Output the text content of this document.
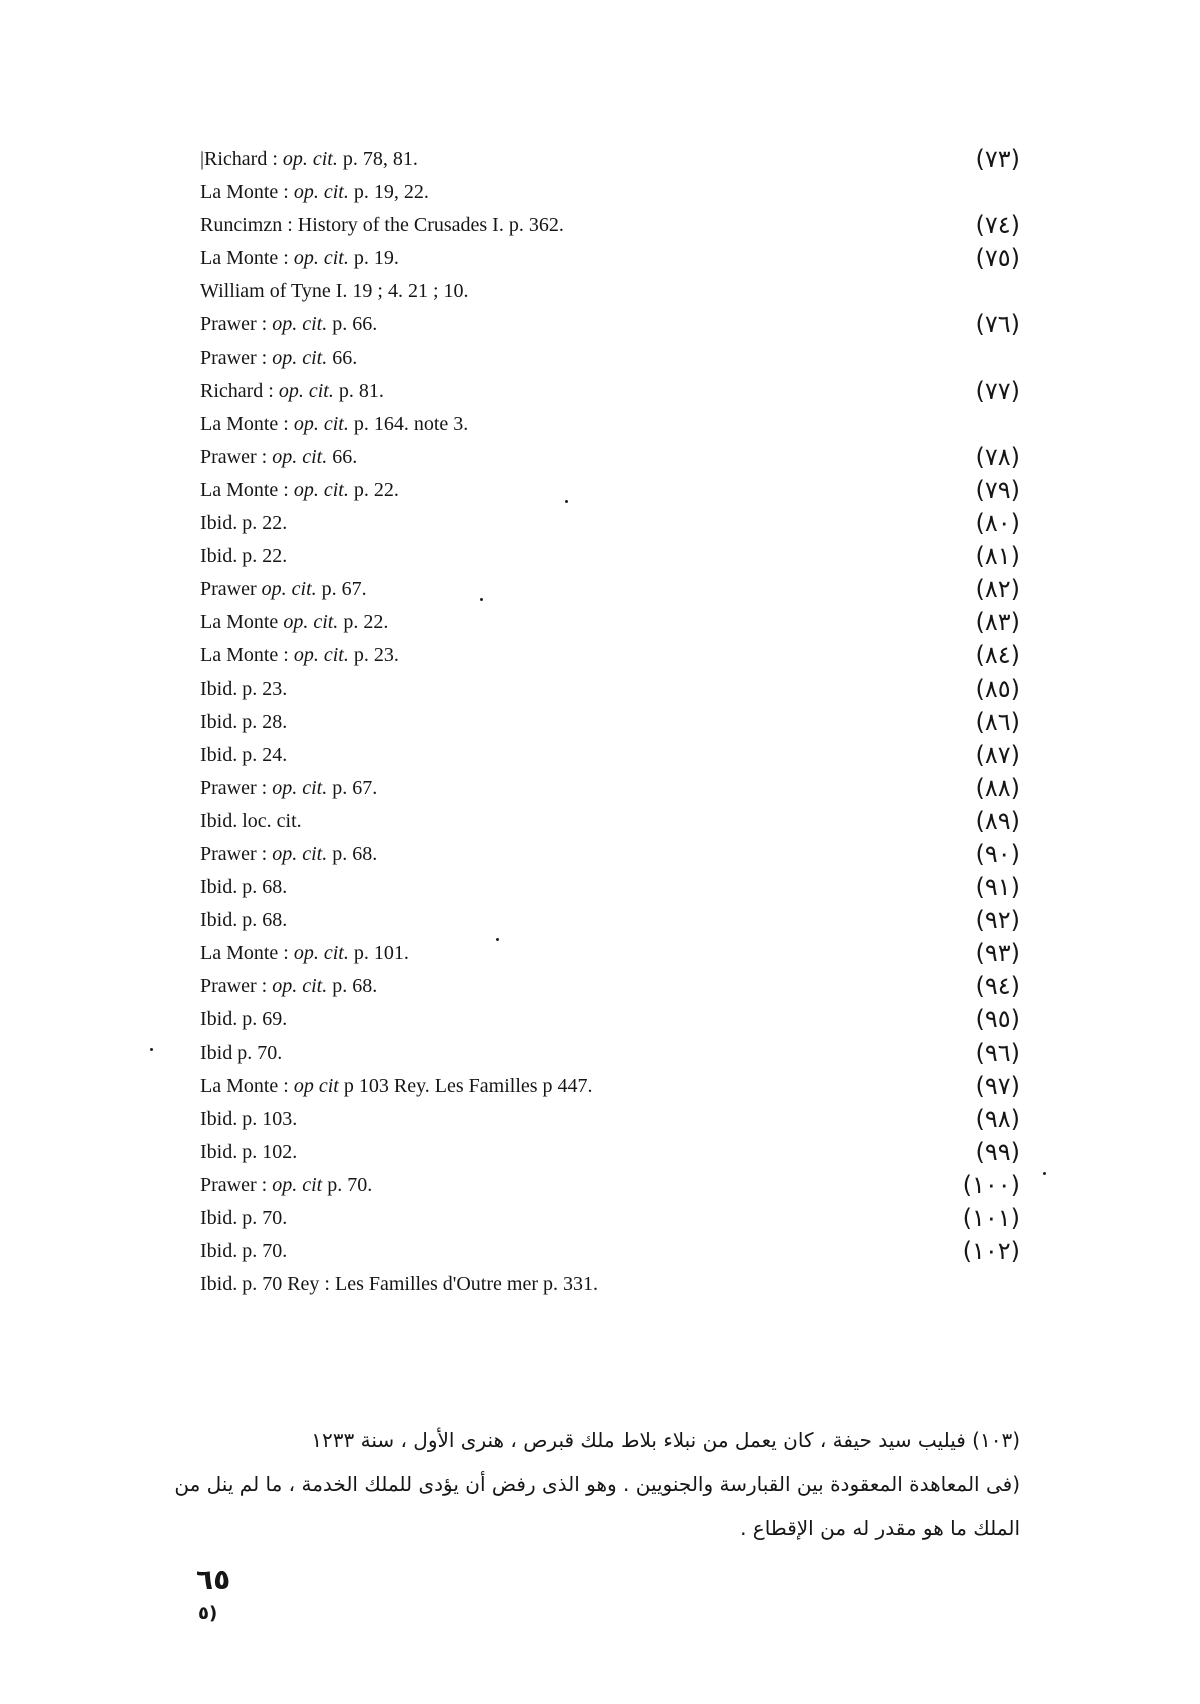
|Richard : op. cit. p. 78, 81.	(٧٣)
La Monte : op. cit. p. 19, 22.
Runcimzn : History of the Crusades I. p. 362.	(٧٤)
La Monte : op. cit. p. 19.	(٧٥)
William of Tyne I. 19 ; 4. 21 ; 10.
Prawer : op. cit. p. 66.	(٧٦)
Prawer : op. cit. 66.
Richard : op. cit. p. 81.	(٧٧)
La Monte : op. cit. p. 164. note 3.
Prawer : op. cit. 66.	(٧٨)
La Monte : op. cit. p. 22.	(٧٩)
Ibid. p. 22.	(٨٠)
Ibid. p. 22.	(٨١)
Prawer op. cit. p. 67.	(٨٢)
La Monte op. cit. p. 22.	(٨٣)
La Monte : op. cit. p. 23.	(٨٤)
Ibid. p. 23.	(٨٥)
Ibid. p. 28.	(٨٦)
Ibid. p. 24.	(٨٧)
Prawer : op. cit. p. 67.	(٨٨)
Ibid. loc. cit.	(٨٩)
Prawer : op. cit. p. 68.	(٩٠)
Ibid. p. 68.	(٩١)
Ibid. p. 68.	(٩٢)
La Monte : op. cit. p. 101.	(٩٣)
Prawer : op. cit. p. 68.	(٩٤)
Ibid. p. 69.	(٩٥)
Ibid p. 70.	(٩٦)
La Monte : op cit p 103 Rey. Les Familles p 447.	(٩٧)
Ibid. p. 103.	(٩٨)
Ibid. p. 102.	(٩٩)
Prawer : op. cit p. 70.	(١٠٠)
Ibid. p. 70.	(١٠١)
Ibid. p. 70.	(١٠٢)
Ibid. p. 70 Rey : Les Familles d'Outre mer p. 331.

(١٠٣) فيليب سيد حيفة ، كان يعمل من نبلاء بلاط ملك قبرص ، هنرى الأول ، سنة ١٢٣٣

(فى المعاهدة المعقودة بين القبارسة والجنويين . وهو الذى رفض أن يؤدى للملك الخدمة ، ما لم ينل من

الملك ما هو مقدر له من الإقطاع .

٦٥
٥)
